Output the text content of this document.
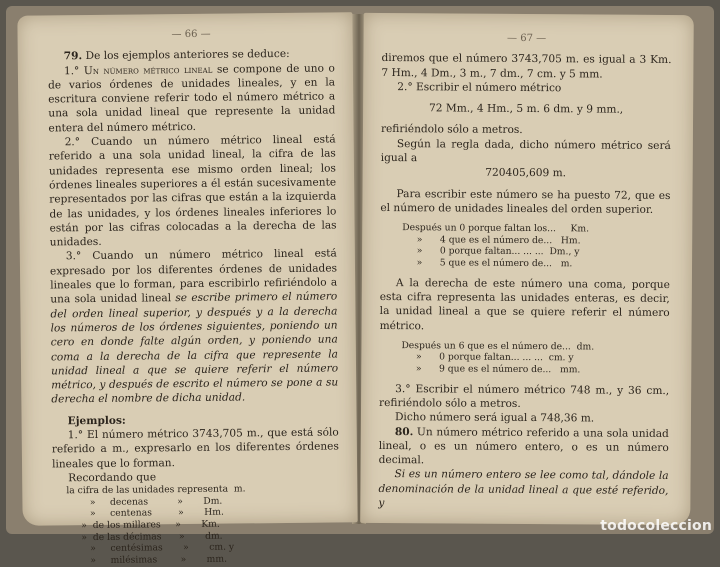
— 66 —

79. De los ejemplos anteriores se deduce:

1.° Un número métrico lineal se compone de uno o de varios órdenes de unidades lineales, y en la escritura conviene referir todo el número métrico a una sola unidad lineal que represente la unidad entera del número métrico.

2.° Cuando un número métrico lineal está referido a una sola unidad lineal, la cifra de las unidades representa ese mismo orden lineal; los órdenes lineales superiores a él están sucesivamente representados por las cifras que están a la izquierda de las unidades, y los órdenes lineales inferiores lo están por las cifras colocadas a la derecha de las unidades.

3.° Cuando un número métrico lineal está expresado por los diferentes órdenes de unidades lineales que lo forman, para escribirlo refiriéndolo a una sola unidad lineal se escribe primero el número del orden lineal superior, y después y a la derecha los números de los órdenes siguientes, poniendo un cero en donde falte algún orden, y poniendo una coma a la derecha de la cifra que represente la unidad lineal a que se quiere referir el número métrico, y después de escrito el número se pone a su derecha el nombre de dicha unidad.

Ejemplos:

1.° El número métrico 3743,705 m., que está sólo referido a m., expresarlo en los diferentes órdenes lineales que lo forman.

Recordando que

la cifra de las unidades representa  m.
»     decenas          »       Dm.
»     centenas         »       Hm.
»  de los millares     »       Km.
»  de las décimas      »       dm.
»     centésimas       »       cm. y
»     milésimas        »       mm.
— 67 —

diremos que el número 3743,705 m. es igual a 3 Km. 7 Hm., 4 Dm., 3 m., 7 dm., 7 cm. y 5 mm.

2.° Escribir el número métrico

72 Mm., 4 Hm., 5 m. 6 dm. y 9 mm.,

refiriéndolo sólo a metros.

Según la regla dada, dicho número métrico será igual a

720405,609 m.

Para escribir este número se ha puesto 72, que es el número de unidades lineales del orden superior.

Después un 0 porque faltan los...     Km.
»      4 que es el número de...   Hm.
»      0 porque faltan... ... ...  Dm., y
»      5 que es el número de...   m.

A la derecha de este número una coma, porque esta cifra representa las unidades enteras, es decir, la unidad lineal a que se quiere referir el número métrico.

Después un 6 que es el número de...  dm.
»      0 porque faltan... ... ...  cm. y
»      9 que es el número de...   mm.

3.° Escribir el número métrico 748 m., y 36 cm., refiriéndolo sólo a metros.

Dicho número será igual a 748,36 m.

80. Un número métrico referido a una sola unidad lineal, o es un número entero, o es un número decimal.

Si es un número entero se lee como tal, dándole la denominación de la unidad lineal a que esté referido, y

todocoleccion
